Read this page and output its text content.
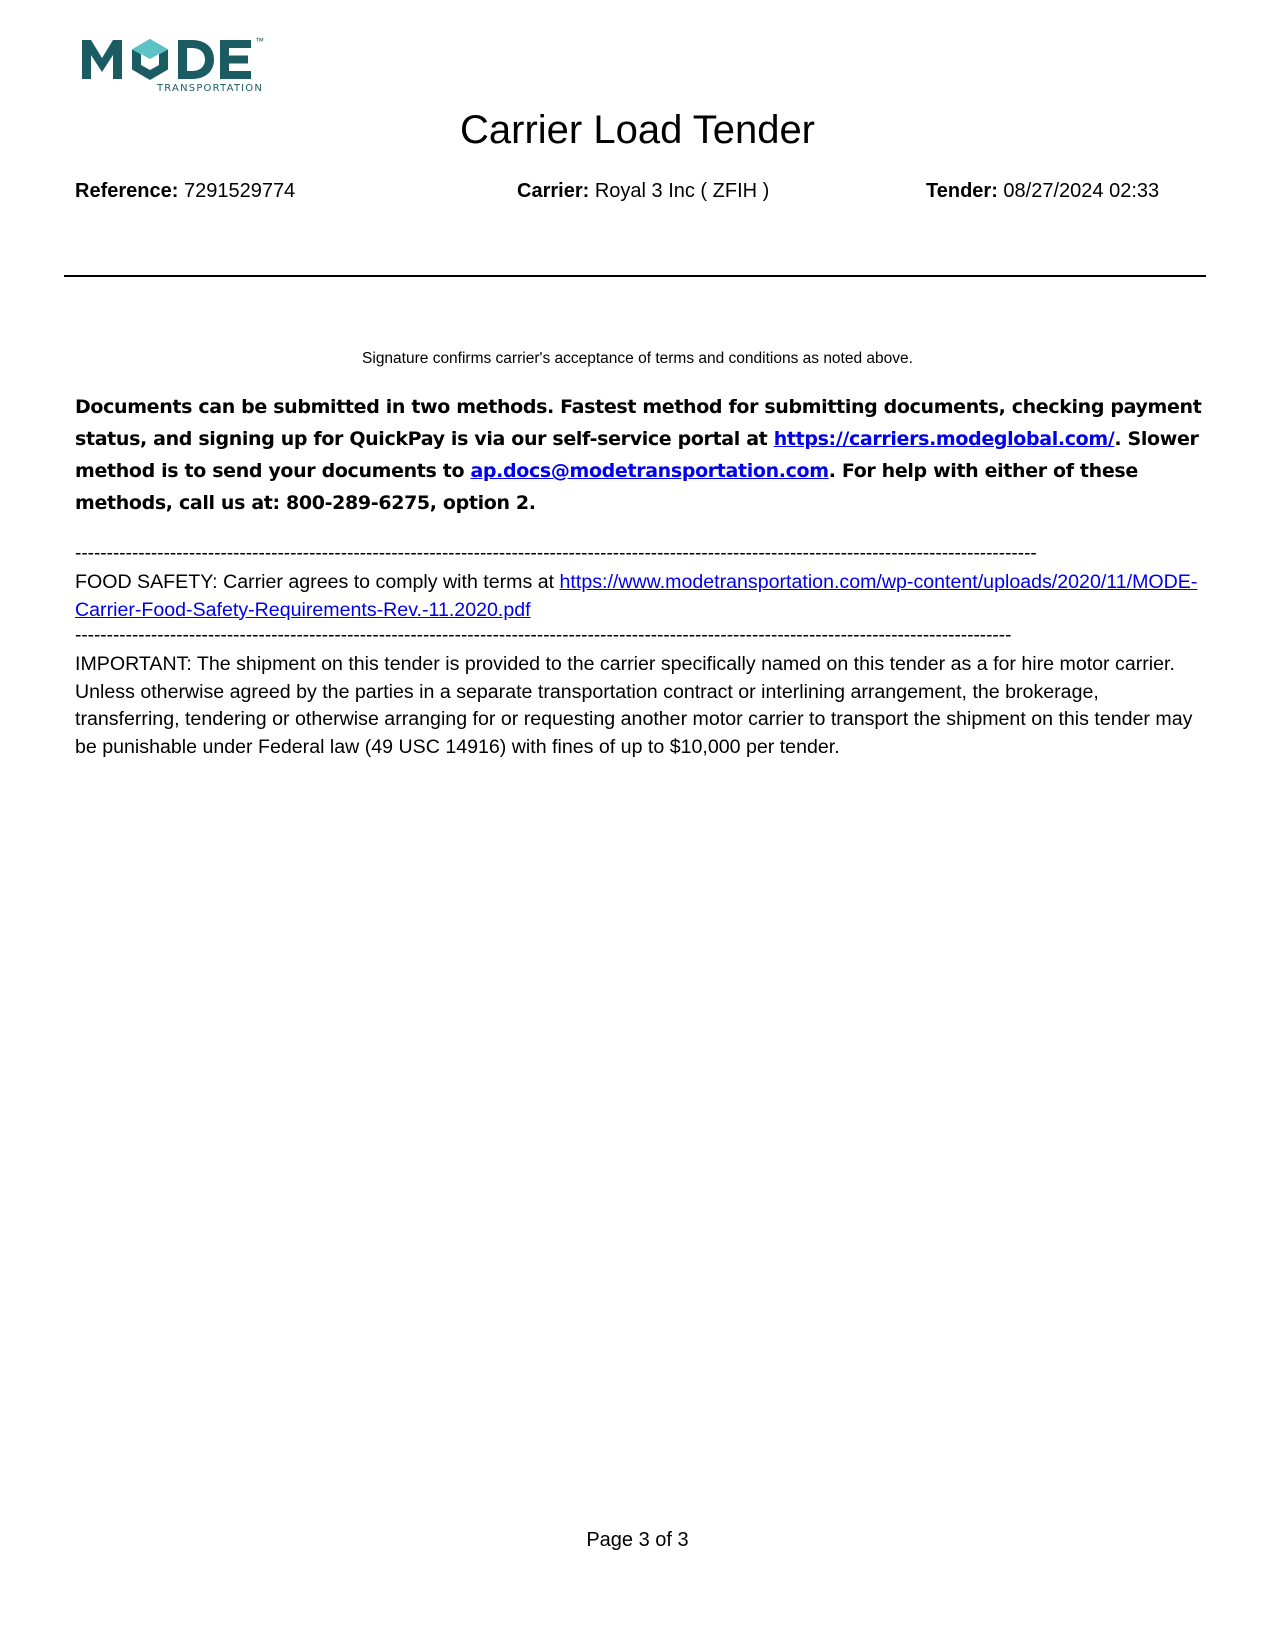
™
TRANSPORTATION
Carrier Load Tender
Reference: 7291529774	Carrier: Royal 3 Inc ( ZFIH )	Tender: 08/27/2024 02:33
Signature confirms carrier's acceptance of terms and conditions as noted above.
Documents can be submitted in two methods. Fastest method for submitting documents, checking payment status, and signing up for QuickPay is via our self-service portal at https://carriers.modeglobal.com/. Slower method is to send your documents to ap.docs@modetransportation.com. For help with either of these methods, call us at: 800-289-6275, option 2.
--------------------------------------------------------------------------------------------------------------------------------------------------------
FOOD SAFETY: Carrier agrees to comply with terms at https://www.modetransportation.com/wp-content/uploads/2020/11/MODE-Carrier-Food-Safety-Requirements-Rev.-11.2020.pdf
----------------------------------------------------------------------------------------------------------------------------------------------------
IMPORTANT: The shipment on this tender is provided to the carrier specifically named on this tender as a for hire motor carrier. Unless otherwise agreed by the parties in a separate transportation contract or interlining arrangement, the brokerage, transferring, tendering or otherwise arranging for or requesting another motor carrier to transport the shipment on this tender may be punishable under Federal law (49 USC 14916) with fines of up to $10,000 per tender.
Page 3 of 3
